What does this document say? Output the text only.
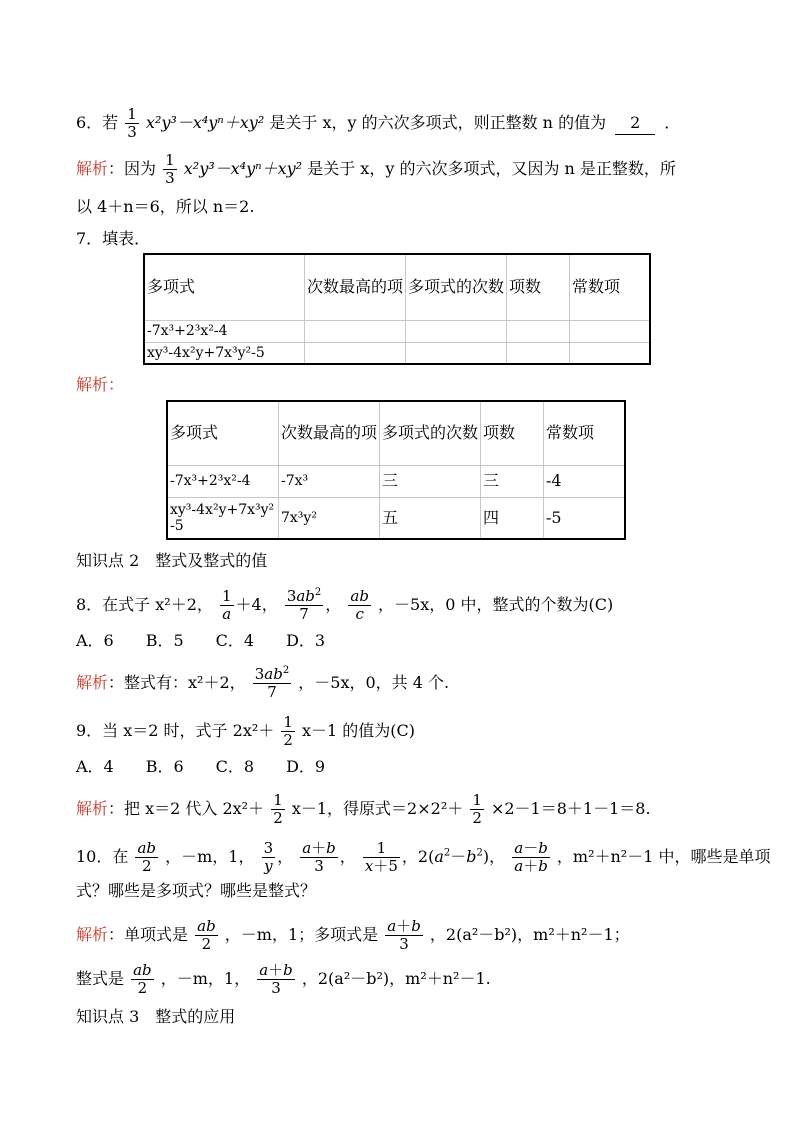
6．若 $\frac{1}{3} x^2y^3-x^4y^n+xy^2$ 是关于 x，y 的六次多项式，则正整数 n 的值为 2 ．
解析：因为 $\frac{1}{3} x^2y^3-x^4y^n+xy^2$ 是关于 x，y 的六次多项式，又因为 n 是正整数，所
以 4＋n＝6，所以 n＝2.
7．填表．
多项式	次数最高的项	多项式的次数	项数	常数项
-7x³+2³x²-4				
xy³-4x²y+7x³y²-5				
解析：
多项式	次数最高的项	多项式的次数	项数	常数项
-7x³+2³x²-4	-7x³	三	三	-4
xy³-4x²y+7x³y²-5	7x³y²	五	四	-5
知识点 2　整式及整式的值
8．在式子 x²＋2， $\frac{1}{a} +4$， $\frac{3ab^2}{7}$ ， $\frac{ab}{c}$ ，－5x，0 中，整式的个数为(C)
A．6　　B．5　　C．4　　D．3
解析：整式有：x²＋2， $\frac{3ab^2}{7}$ ，－5x，0，共 4 个.
9．当 x＝2 时，式子 $2x^2+ \frac{1}{2} x-1$ 的值为(C)
A．4　　B．6　　C．8　　D．9
解析：把 x＝2 代入 $2x^2+ \frac{1}{2} x-1$，得原式$=2\times 2^2+ \frac{1}{2} \times 2-1=8+1-1=8$.
10．在 $\frac{ab}{2}$ ，－m，1， $\frac{3}{y}$ ， $\frac{a+b}{3}$ ， $\frac{1}{x+5}$ ，$2(a^2-b^2)$， $\frac{a-b}{a+b}$ ，m²＋n²－1 中，哪些是单项
式？哪些是多项式？哪些是整式？
解析：单项式是 $\frac{ab}{2}$ ，－m，1；多项式是 $\frac{a+b}{3}$ ，2(a²－b²)，m²＋n²－1；
整式是 $\frac{ab}{2}$ ，－m，1， $\frac{a+b}{3}$ ，2(a²－b²)，m²＋n²－1.
知识点 3　整式的应用
